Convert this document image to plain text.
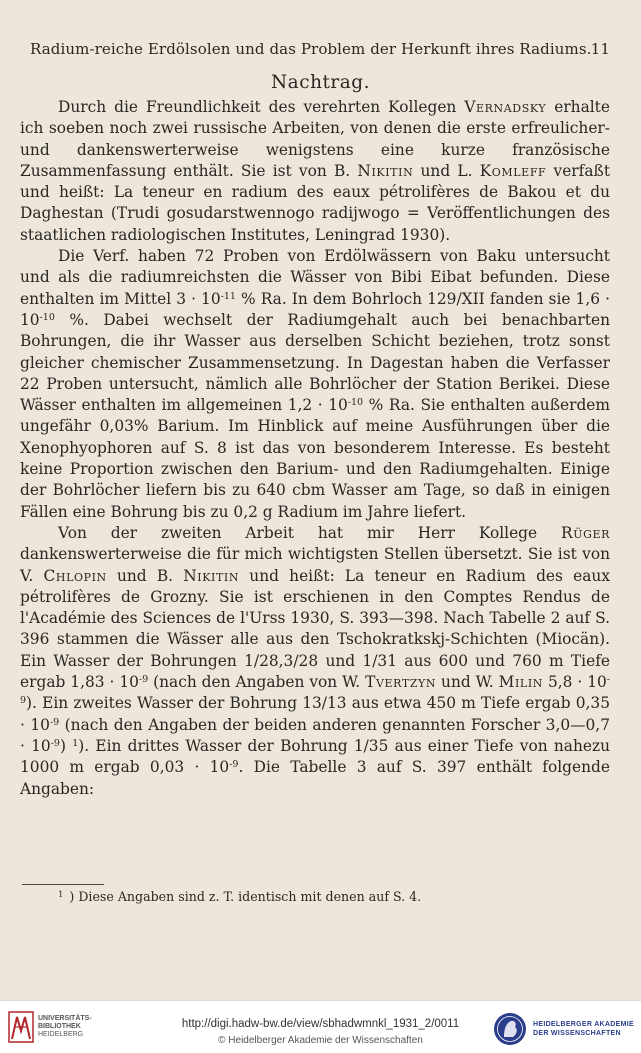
Radium-reiche Erdölsolen und das Problem der Herkunft ihres Radiums. 11
Nachtrag.

Durch die Freundlichkeit des verehrten Kollegen Vernadsky erhalte ich soeben noch zwei russische Arbeiten, von denen die erste erfreulicher- und dankenswerterweise wenigstens eine kurze französische Zusammenfassung enthält. Sie ist von B. Nikitin und L. Komleff verfaßt und heißt: La teneur en radium des eaux pétrolifères de Bakou et du Daghestan (Trudi gosudarstwennogo radijwogo = Veröffentlichungen des staatlichen radiologischen Institutes, Leningrad 1930).

Die Verf. haben 72 Proben von Erdölwässern von Baku untersucht und als die radiumreichsten die Wässer von Bibi Eibat befunden. Diese enthalten im Mittel $3 \cdot 10^{-11}$ % Ra. In dem Bohrloch 129/XII fanden sie $1,6 \cdot 10^{-10}$ %. Dabei wechselt der Radiumgehalt auch bei benachbarten Bohrungen, die ihr Wasser aus derselben Schicht beziehen, trotz sonst gleicher chemischer Zusammensetzung. In Dagestan haben die Verfasser 22 Proben untersucht, nämlich alle Bohrlöcher der Station Berikei. Diese Wässer enthalten im allgemeinen $1,2 \cdot 10^{-10}$ % Ra. Sie enthalten außerdem ungefähr 0,03% Barium. Im Hinblick auf meine Ausführungen über die Xenophyophoren auf S. 8 ist das von besonderem Interesse. Es besteht keine Proportion zwischen den Barium- und den Radiumgehalten. Einige der Bohrlöcher liefern bis zu 640 cbm Wasser am Tage, so daß in einigen Fällen eine Bohrung bis zu 0,2 g Radium im Jahre liefert.

Von der zweiten Arbeit hat mir Herr Kollege Rüger dankenswerterweise die für mich wichtigsten Stellen übersetzt. Sie ist von V. Chlopin und B. Nikitin und heißt: La teneur en Radium des eaux pétrolifères de Grozny. Sie ist erschienen in den Comptes Rendus de l'Académie des Sciences de l'Urss 1930, S. 393—398. Nach Tabelle 2 auf S. 396 stammen die Wässer alle aus den Tschokratkskj-Schichten (Miocän). Ein Wasser der Bohrungen 1/28,3/28 und 1/31 aus 600 und 760 m Tiefe ergab $1,83 \cdot 10^{-9}$ (nach den Angaben von W. Tvertzyn und W. Milin $5,8 \cdot 10^{-9}$). Ein zweites Wasser der Bohrung 13/13 aus etwa 450 m Tiefe ergab $0,35 \cdot 10^{-9}$ (nach den Angaben der beiden anderen genannten Forscher 3,0—0,7 · $10^{-9}$) $^1$). Ein drittes Wasser der Bohrung 1/35 aus einer Tiefe von nahezu 1000 m ergab $0,03 \cdot 10^{-9}$. Die Tabelle 3 auf S. 397 enthält folgende Angaben:

$^1$ ) Diese Angaben sind z. T. identisch mit denen auf S. 4.
UNIVERSITÄTS-
BIBLIOTHEK
HEIDELBERG
http://digi.hadw-bw.de/view/sbhadwmnkl_1931_2/0011
© Heidelberger Akademie der Wissenschaften
HEIDELBERGER AKADEMIE
DER WISSENSCHAFTEN
